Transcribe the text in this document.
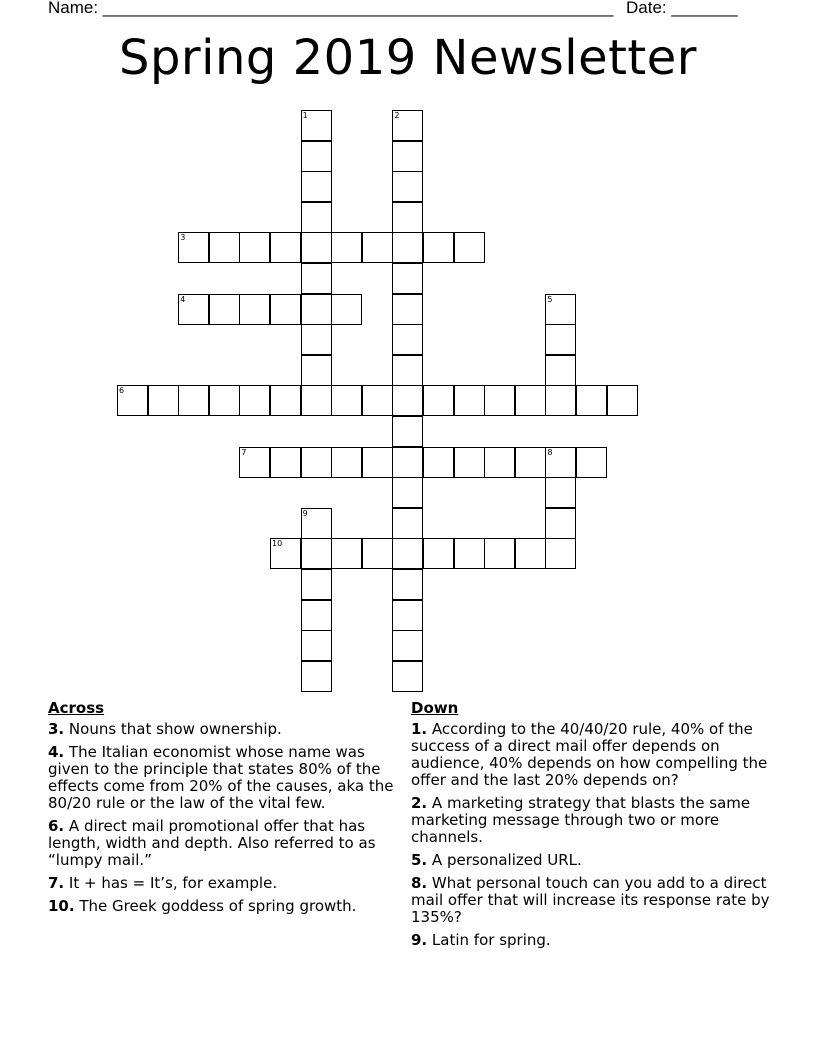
Name: ______________________________________________________ Date: _______
Spring 2019 Newsletter
1	2
3
4	5
6
7	8
9
10
Across
3. Nouns that show ownership.
4. The Italian economist whose name was given to the principle that states 80% of the effects come from 20% of the causes, aka the 80/20 rule or the law of the vital few.
6. A direct mail promotional offer that has length, width and depth. Also referred to as “lumpy mail.”
7. It + has = It’s, for example.
10. The Greek goddess of spring growth.
Down
1. According to the 40/40/20 rule, 40% of the success of a direct mail offer depends on audience, 40% depends on how compelling the offer and the last 20% depends on?
2. A marketing strategy that blasts the same marketing message through two or more channels.
5. A personalized URL.
8. What personal touch can you add to a direct mail offer that will increase its response rate by 135%?
9. Latin for spring.
